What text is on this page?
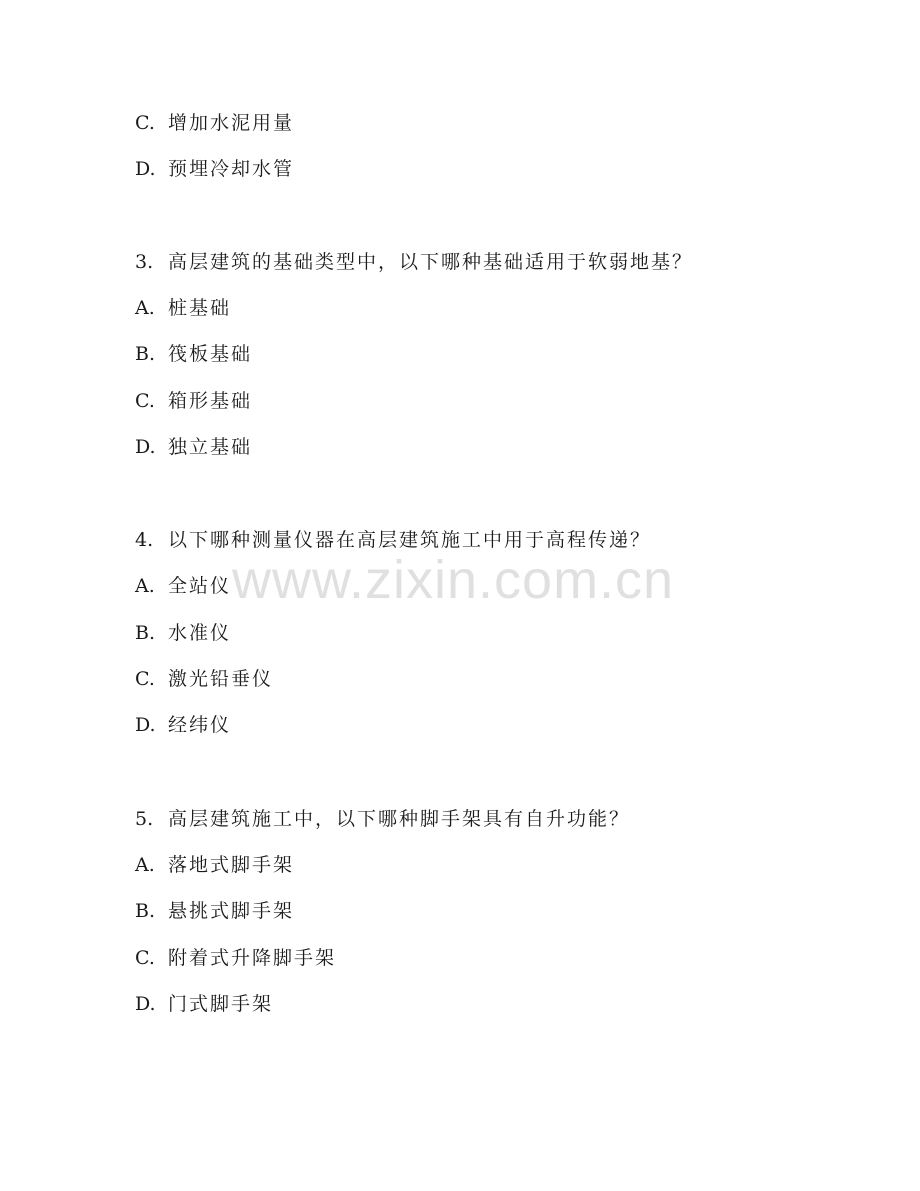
C. 增加水泥用量
D. 预埋冷却水管
3. 高层建筑的基础类型中，以下哪种基础适用于软弱地基？
A. 桩基础
B. 筏板基础
C. 箱形基础
D. 独立基础
4. 以下哪种测量仪器在高层建筑施工中用于高程传递？
A. 全站仪
B. 水准仪
C. 激光铅垂仪
D. 经纬仪
5. 高层建筑施工中，以下哪种脚手架具有自升功能？
A. 落地式脚手架
B. 悬挑式脚手架
C. 附着式升降脚手架
D. 门式脚手架
www.zixin.com.cn
